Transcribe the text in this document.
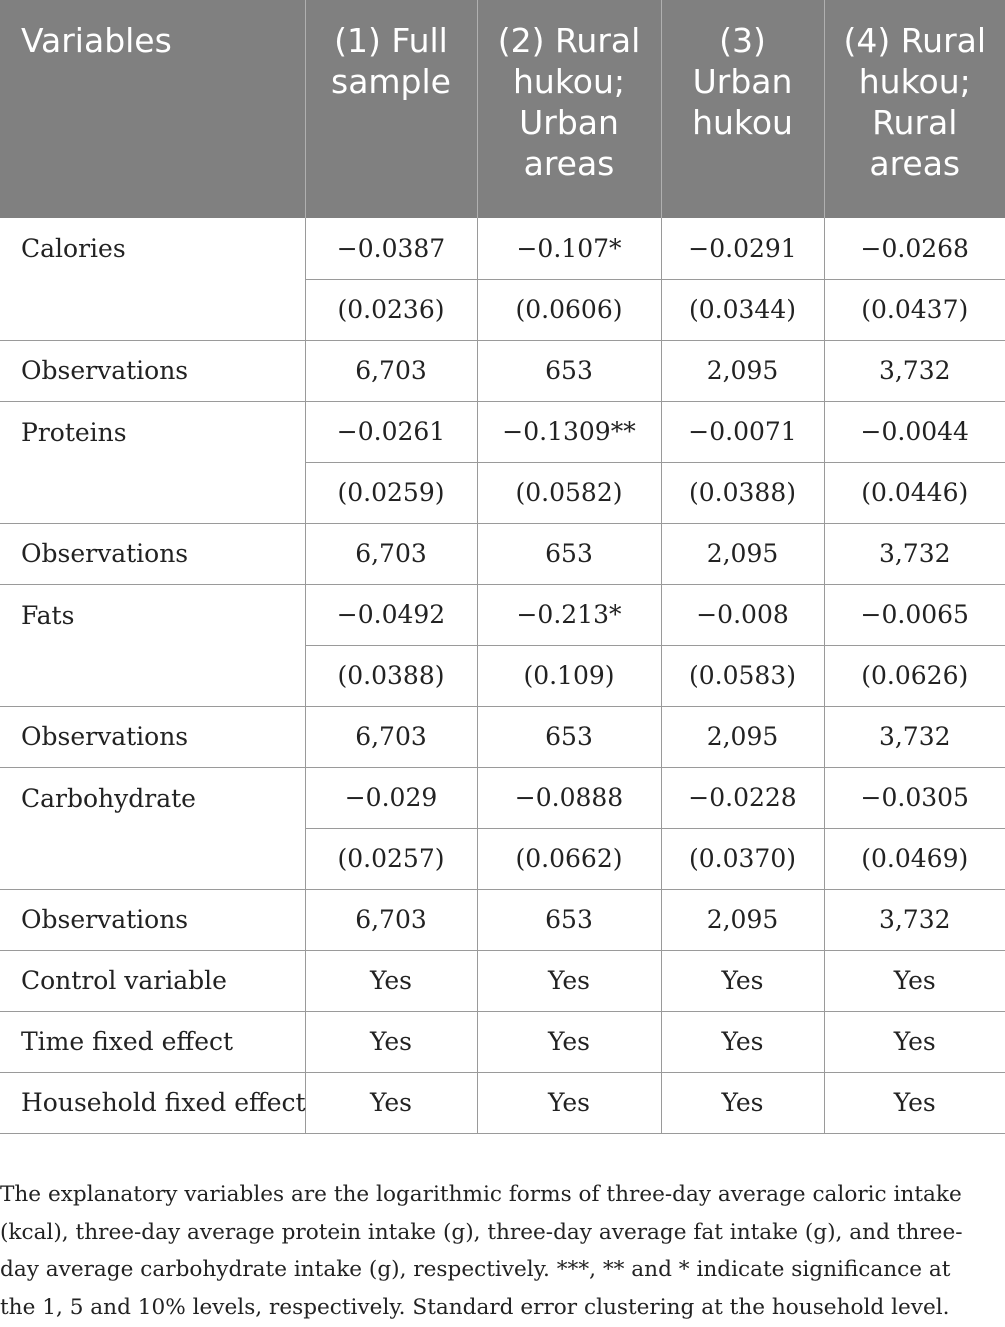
Variables	(1) Full sample	(2) Rural hukou; Urban areas	(3) Urban hukou	(4) Rural hukou; Rural areas
Calories	−0.0387	−0.107*	−0.0291	−0.0268
	(0.0236)	(0.0606)	(0.0344)	(0.0437)
Observations	6,703	653	2,095	3,732
Proteins	−0.0261	−0.1309**	−0.0071	−0.0044
	(0.0259)	(0.0582)	(0.0388)	(0.0446)
Observations	6,703	653	2,095	3,732
Fats	−0.0492	−0.213*	−0.008	−0.0065
	(0.0388)	(0.109)	(0.0583)	(0.0626)
Observations	6,703	653	2,095	3,732
Carbohydrate	−0.029	−0.0888	−0.0228	−0.0305
	(0.0257)	(0.0662)	(0.0370)	(0.0469)
Observations	6,703	653	2,095	3,732
Control variable	Yes	Yes	Yes	Yes
Time fixed effect	Yes	Yes	Yes	Yes
Household fixed effect	Yes	Yes	Yes	Yes

The explanatory variables are the logarithmic forms of three-day average caloric intake (kcal), three-day average protein intake (g), three-day average fat intake (g), and three-day average carbohydrate intake (g), respectively. ***, ** and * indicate significance at the 1, 5 and 10% levels, respectively. Standard error clustering at the household level.
